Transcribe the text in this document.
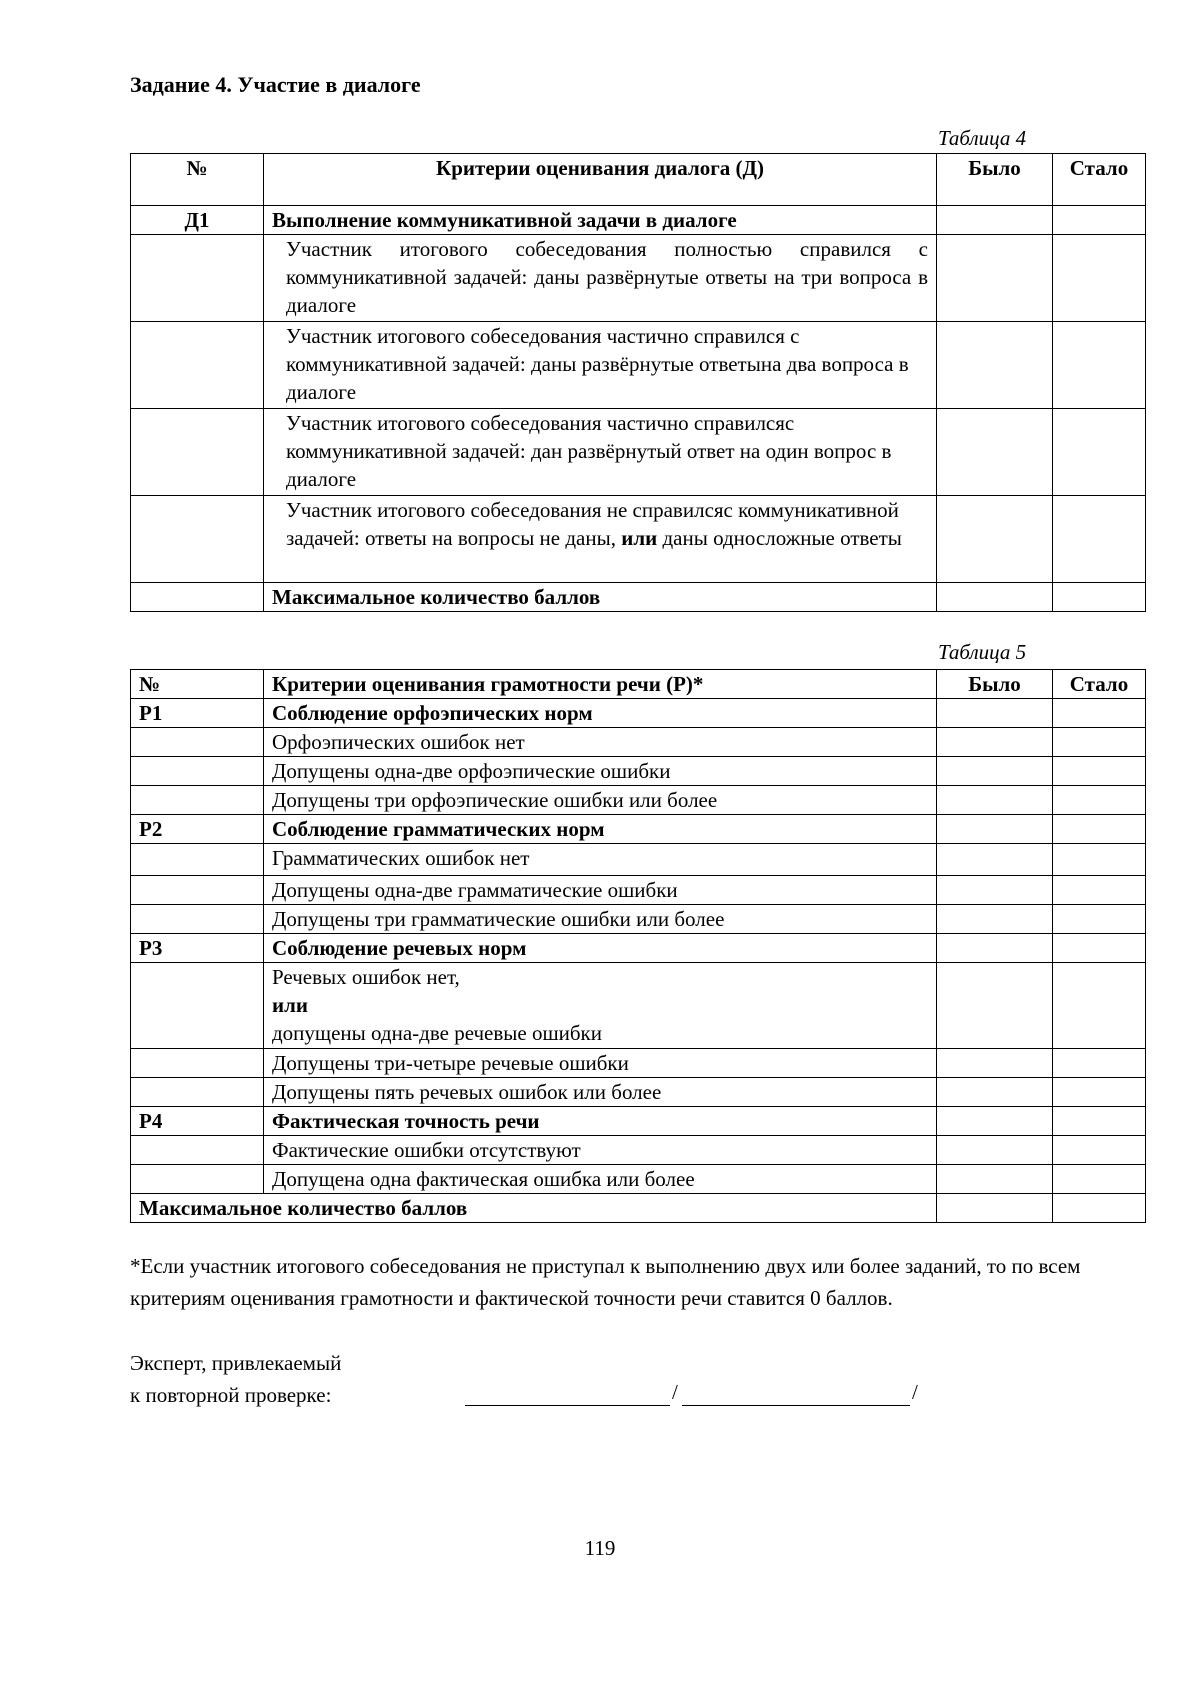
Задание 4. Участие в диалоге
Таблица 4
№	Критерии оценивания диалога (Д)	Было	Стало
Д1	Выполнение коммуникативной задачи в диалоге		
	Участник итогового собеседования полностью справился с коммуникативной задачей: даны развёрнутые ответы на три вопроса в диалоге		
	Участник итогового собеседования частично справился с коммуникативной задачей: даны развёрнутые ответына два вопроса в диалоге		
	Участник итогового собеседования частично справилсяс коммуникативной задачей: дан развёрнутый ответ на один вопрос в диалоге		
	Участник итогового собеседования не справилсяс коммуникативной задачей: ответы на вопросы не даны, или даны односложные ответы		
	Максимальное количество баллов		
Таблица 5
№	Критерии оценивания грамотности речи (Р)*	Было	Стало
Р1	Соблюдение орфоэпических норм		
	Орфоэпических ошибок нет		
	Допущены одна-две орфоэпические ошибки		
	Допущены три орфоэпические ошибки или более		
Р2	Соблюдение грамматических норм		
	Грамматических ошибок нет		
	Допущены одна-две грамматические ошибки		
	Допущены три грамматические ошибки или более		
Р3	Соблюдение речевых норм		

	Речевых ошибок нет,
или
допущены одна-две речевые ошибки		

	Допущены три-четыре речевые ошибки		
	Допущены пять речевых ошибок или более		
Р4	Фактическая точность речи		
	Фактические ошибки отсутствуют		
	Допущена одна фактическая ошибка или более		
Максимальное количество баллов			
*Если участник итогового собеседования не приступал к выполнению двух или более заданий, то по всем критериям оценивания грамотности и фактической точности речи ставится 0 баллов.
Эксперт, привлекаемый
к повторной проверке:	/	/
119
